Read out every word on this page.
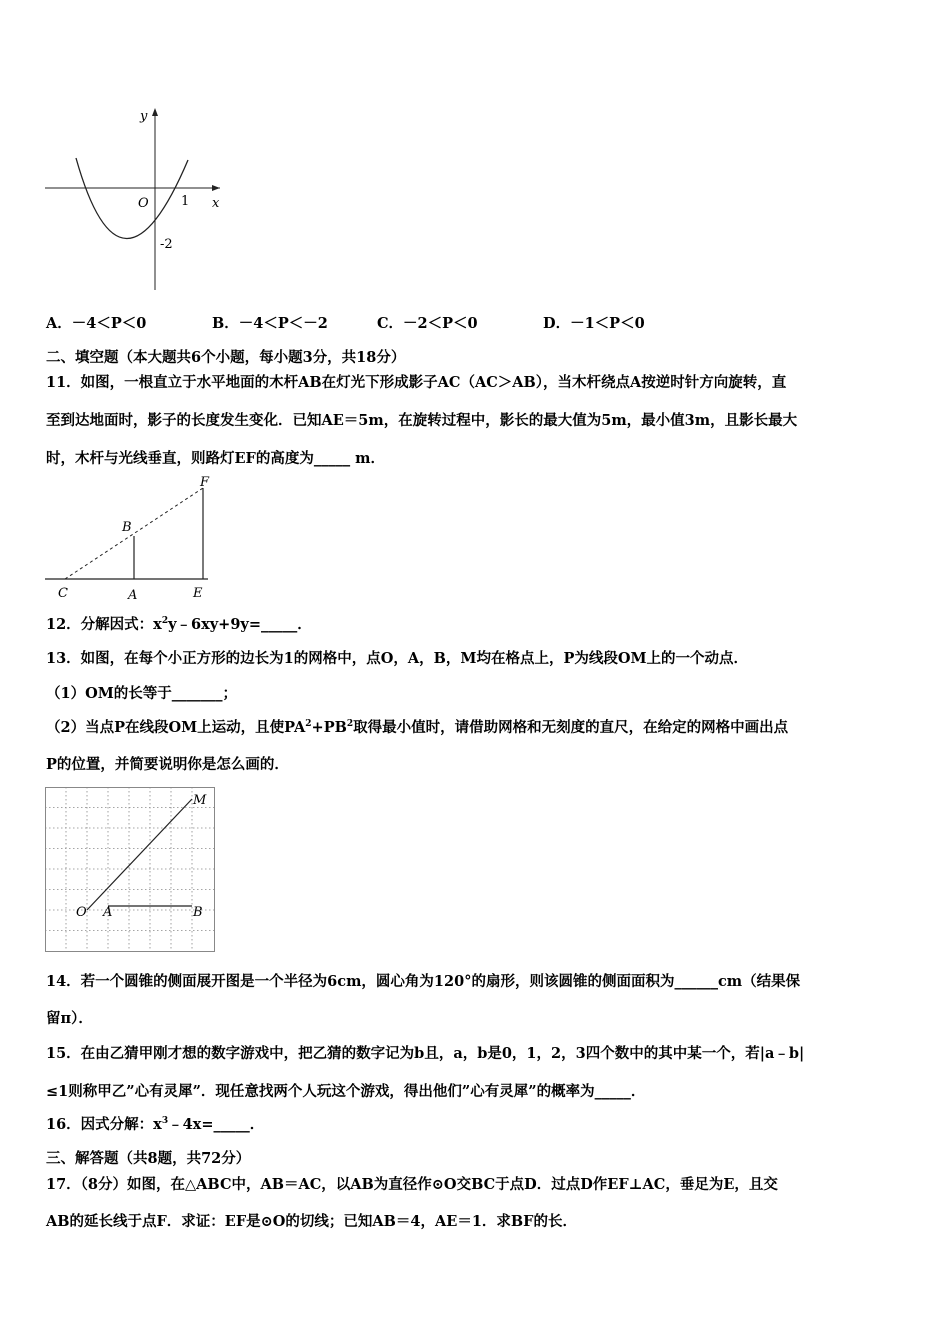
y
x
O 1
-2
A．－4＜P＜0	B．－4＜P＜－2	C．－2＜P＜0	D．－1＜P＜0
二、填空题（本大题共6个小题，每小题3分，共18分）
11．如图，一根直立于水平地面的木杆AB在灯光下形成影子AC（AC＞AB），当木杆绕点A按逆时针方向旋转，直
至到达地面时，影子的长度发生变化．已知AE＝5m，在旋转过程中，影长的最大值为5m，最小值3m，且影长最大
时，木杆与光线垂直，则路灯EF的高度为_____ m．
C	A	E
B
F
12．分解因式：$x^2y﹣6xy+9y=\_\_\_\_\_$．
13．如图，在每个小正方形的边长为1的网格中，点O，A，B，M均在格点上，P为线段OM上的一个动点．
（1）OM的长等于_______；
（2）当点P在线段OM上运动，且使$PA^2+PB^2$取得最小值时，请借助网格和无刻度的直尺，在给定的网格中画出点
P的位置，并简要说明你是怎么画的．
O A	B
M
14．若一个圆锥的侧面展开图是一个半径为6cm，圆心角为120°的扇形，则该圆锥的侧面面积为______cm（结果保
留π）．
15．在由乙猜甲刚才想的数字游戏中，把乙猜的数字记为b且，a，b是0，1，2，3四个数中的其中某一个，若|a﹣b|
≤1则称甲乙”心有灵犀”．现任意找两个人玩这个游戏，得出他们”心有灵犀”的概率为_____．
16．因式分解：$x^3﹣4x=\_\_\_\_\_$．
三、解答题（共8题，共72分）
17．（8分）如图，在△ABC中，AB＝AC，以AB为直径作⊙O交BC于点D．过点D作EF⊥AC，垂足为E，且交
AB的延长线于点F．求证：EF是⊙O的切线；已知AB＝4，AE＝1．求BF的长．
